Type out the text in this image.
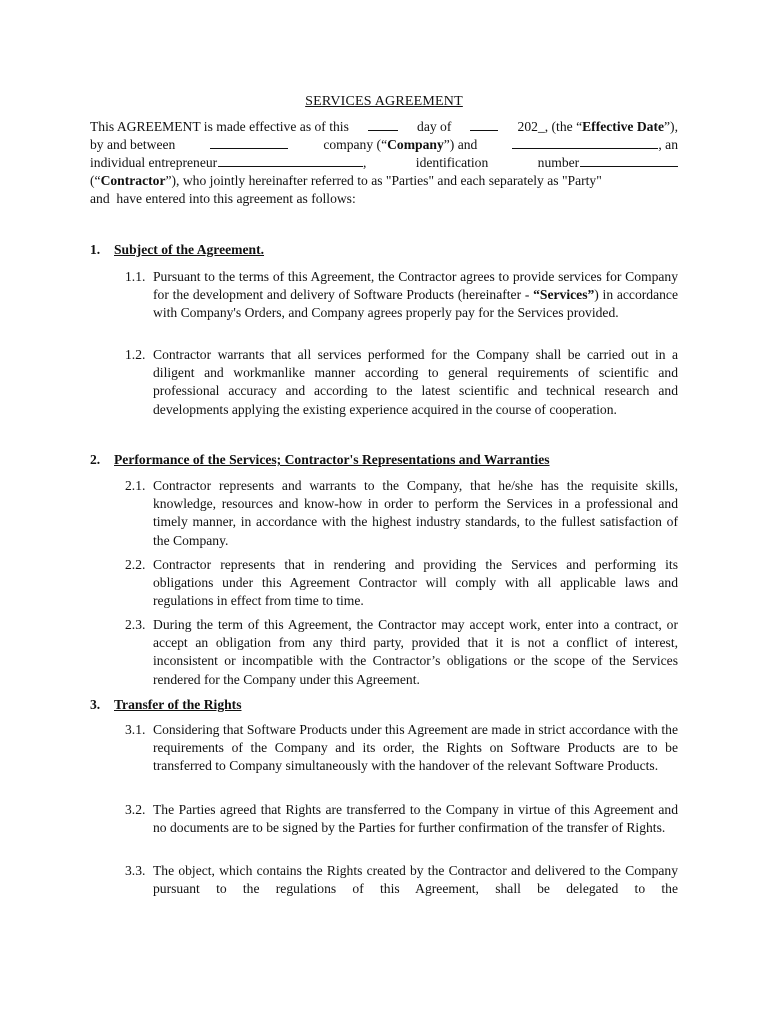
SERVICES AGREEMENT
This AGREEMENT is made effective as of this	day of	202_, (the “Effective Date”),
by and between	company (“Company”) and	, an
individual entrepreneur	, identification number
(“Contractor”), who jointly hereinafter referred to as "Parties" and each separately as "Party"
and  have entered into this agreement as follows:
1.	Subject of the Agreement.
1.1. Pursuant to the terms of this Agreement, the Contractor agrees to provide services for Company for the development and delivery of Software Products (hereinafter - “Services”) in accordance with Company's Orders, and Company agrees properly pay for the Services provided.
1.2. Contractor warrants that all services performed for the Company shall be carried out in a diligent and workmanlike manner according to general requirements of scientific and professional accuracy and according to the latest scientific and technical research and developments applying the existing experience acquired in the course of cooperation.
2.	Performance of the Services; Contractor's Representations and Warranties
2.1. Contractor represents and warrants to the Company, that he/she has the requisite skills, knowledge, resources and know-how in order to perform the Services in a professional and timely manner, in accordance with the highest industry standards, to the fullest satisfaction of the Company.
2.2. Contractor represents that in rendering and providing the Services and performing its obligations under this Agreement Contractor will comply with all applicable laws and regulations in effect from time to time.
2.3. During the term of this Agreement, the Contractor may accept work, enter into a contract, or accept an obligation from any third party, provided that it is not a conflict of interest, inconsistent or incompatible with the Contractor’s obligations or the scope of the Services rendered for the Company under this Agreement.
3.	Transfer of the Rights
3.1. Considering that Software Products under this Agreement are made in strict accordance with the requirements of the Company and its order, the Rights on Software Products are to be transferred to Company simultaneously with the handover of the relevant Software Products.
3.2. The Parties agreed that Rights are transferred to the Company in virtue of this Agreement and no documents are to be signed by the Parties for further confirmation of the transfer of Rights.
3.3. The object, which contains the Rights created by the Contractor and delivered to the Company pursuant to the regulations of this Agreement, shall be delegated to the
